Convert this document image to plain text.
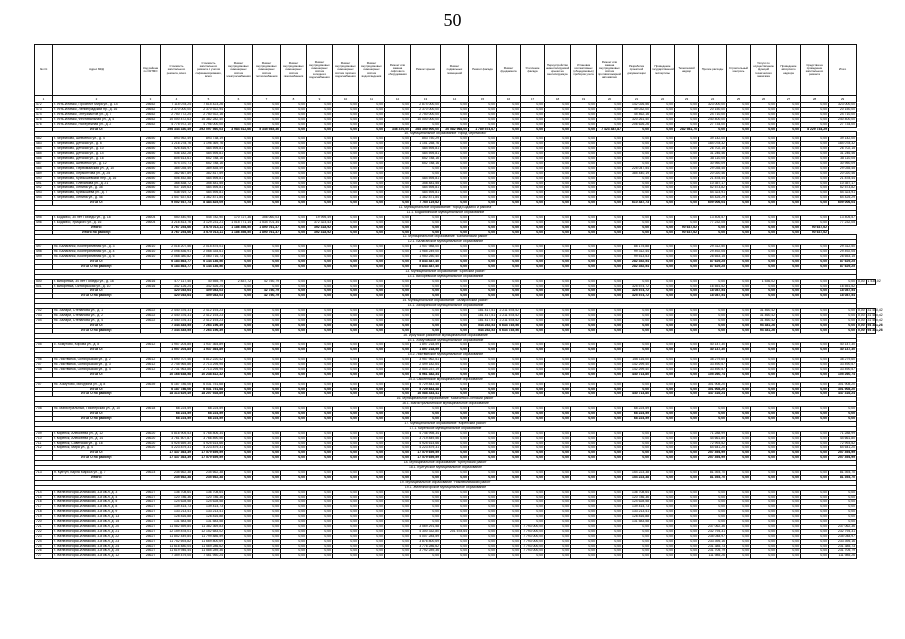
50
№ п/п	Адрес МКД	Код района по ОКТМО	Стоимость капитального ремонта, всего	Стоимость капитального ремонта с учетом софинансирования, всего	Ремонт внутридомовых инженерных систем электроснабжения	Ремонт внутридомовых инженерных систем теплоснабжения	Ремонт внутридомовых инженерных систем газоснабжения	Ремонт внутридомовых инженерных систем холодного водоснабжения	Ремонт внутридомовых инженерных систем горячего водоснабжения	Ремонт внутридомовых инженерных систем водоотведения	Ремонт или замена лифтового оборудования	Ремонт крыши	Ремонт подвальных помещений	Ремонт фасада	Ремонт фундамента	Утепление фасада	Переустройство невентилируемой крыши на вентилируемую	Установка коллективных (общедомовых) приборов учета	Ремонт или замена внутридомовых систем противопожарной автоматики	Разработка проектной документации	Проведение государственной экспертизы	Технический надзор	Прочие расходы	Строительный контроль	Услуги по осуществлению функций технического заказчика	Проведение авторского надзора	Средства на проведение капитального ремонта	Итого		
1	2	3	4	5	6	7	8	9	10	11	12	13	14	15	16	17	18	19	20	21	22	23	24	25	26	27	28	29		
472	г. Усть-Илимск, Проспект Мира ул., д. 14	25652	7 115 078,24	7 615 423,26	0,00	0,00	0,00	0,00	0,00	0,00	0,00	2 874 000,00	0,00	0,00	0,00	0,00	0,00	0,00	0,00	142 026,56	0,00	0,00	323 000,00	0,00	0,00	0,00	0,00	323 000,00		
473	г. Усть-Илимск, Ленинградский пр., д. 16	25652	2 370 000,00	2 370 922,94	0,00	0,00	0,00	0,00	0,00	0,00	0,00	2 370 000,00	0,00	0,00	0,00	0,00	0,00	0,00	0,00	49 032,00	0,00	0,00	20 150,00	0,00	0,00	0,00	0,00	20 150,00		
474	г. Усть-Илимск, Энтузиастов ул., д. 7	25652	2 750 772,24	2 750 922,16	0,00	0,00	0,00	0,00	0,00	0,00	0,00	2 750 000,00	0,00	0,00	0,00	0,00	0,00	0,00	0,00	45 462,16	0,00	0,00	24 710,00	0,00	0,00	0,00	0,00	24 710,00		
475	г. Усть-Илимск, Фестивальная ул., д. 4	25652	10 000 472,63	10 382 282,40	0,00	0,00	0,00	0,00	0,00	0,00	0,00	10 000 000,00	0,00	0,00	0,00	0,00	0,00	0,00	0,00	320 261,40	0,00	0,00	240 400,00	0,00	0,00	0,00	0,00	240 400,00		
476	г. Усть-Илимск, Набережная ул., д. 2	25652	4 775 972,10	4 796 000,00	0,00	0,00	0,00	0,00	0,00	0,00	0,00	0,00	0,00	0,00	0,00	0,00	0,00	0,00	0,00	206 626,26	0,00	0,00	27 734,00	0,00	0,00	0,00	0,00	27 734,00		
	ИТОГО:		296 344 330,49	292 097 560,03	3 984 512,66	5 345 945,36	0,00	0,00	0,00	0,00	346 470,00	268 350 900,00	20 582 968,00	1 789 574,67	0,00	0,00	0,00	0,00	7 423 487,87	0,00	0,00	282 981,70	0,00	0,00	0,00	0,00	8 229 734,29			
10. Муниципальное образование "город Черемхово"																														
482	г. Черемхово, Шевченко ул., д. 4	25650	893 952,49	893 738,19	0,00	0,00	0,00	0,00	0,00	0,00	0,00	853 750,29	0,00	0,00	0,00	0,00	0,00	0,00	0,00	0,00	0,00	0,00	39 142,00	0,00	0,00	0,00	0,00	39 142,00		
483	г. Черемхово, Детская ул., д. 6	25650	1 216 278,76	1 196 369,76	0,00	0,00	0,00	0,00	0,00	0,00	0,00	1 151 258,76	0,00	0,00	0,00	0,00	0,00	0,00	0,00	0,00	0,00	0,00	184 078,32	0,00	0,00	0,00	0,00	184 078,32		
484	г. Черемхово, Детская ул., д. 10	25650	526 816,97	484 595,81	0,00	0,00	0,00	0,00	0,00	0,00	0,00	484 595,81	0,00	0,00	0,00	0,00	0,00	0,00	0,00	0,00	0,00	0,00	26 702,15	0,00	0,00	0,00	0,00	26 702,15		
485	г. Черемхово, Детская ул., д. 14	25650	536 182,28	484 595,81	0,00	0,00	0,00	0,00	0,00	0,00	0,00	484 595,81	0,00	0,00	0,00	0,00	0,00	0,00	0,00	0,00	0,00	0,00	31 246,46	0,00	0,00	0,00	0,00	31 246,46		
486	г. Черемхово, Детская ул., д. 16	25650	805 613,61	652 788,16	0,00	0,00	0,00	0,00	0,00	0,00	0,00	652 788,16	0,00	0,00	0,00	0,00	0,00	0,00	0,00	0,00	0,00	0,00	38 110,05	0,00	0,00	0,00	0,00	38 110,05		
487	г. Черемхово, Шевченко ул., д. 12	25650	574 370,71	652 788,16	0,00	0,00	0,00	0,00	0,00	0,00	0,00	652 788,16	0,00	0,00	0,00	0,00	0,00	0,00	0,00	0,00	0,00	0,00	30 950,09	0,00	0,00	0,00	0,00	30 950,09		
488	г. Черемхово, Первомайская ул., д. 10	25650	385 035,49	389 835,49	0,00	0,00	0,00	0,00	0,00	0,00	0,00	0,00	0,00	0,00	0,00	0,00	0,00	0,00	0,00	225 047,54	0,00	0,00	29 035,45	0,00	0,00	0,00	0,00	29 035,45		
489	г. Черемхово, Лермонтова ул., д. 25	25650	382 667,89	382 817,59	0,00	0,00	0,00	0,00	0,00	0,00	0,00	0,00	0,00	0,00	0,00	0,00	0,00	0,00	0,00	385 440,19	0,00	0,00	20 020,46	0,00	0,00	0,00	0,00	20 020,46		
490	г. Черемхово, Куйбышевский пер., д. 16	25650	506 452,88	484 595,81	0,00	0,00	0,00	0,00	0,00	0,00	0,00	484 595,81	0,00	0,00	0,00	0,00	0,00	0,00	0,00	0,00	0,00	0,00	21 878,44	0,00	0,00	0,00	0,00	21 878,44		
491	г. Черемхово, Плеханова ул., д. 21	25650	368 838,72	358 481,55	0,00	0,00	0,00	0,00	0,00	0,00	0,00	358 481,55	0,00	0,00	0,00	0,00	0,00	0,00	0,00	0,00	0,00	0,00	10 357,17	0,00	0,00	0,00	0,00	10 357,17		
492	г. Черемхово, Ленина ул., д. 38	25650	537 169,63	484 595,81	0,00	0,00	0,00	0,00	0,00	0,00	0,00	484 595,81	0,00	0,00	0,00	0,00	0,00	0,00	0,00	0,00	0,00	0,00	52 573,82	0,00	0,00	0,00	0,00	52 573,82		
493	г. Черемхово, Куйбышева ул., д. 7	25650	538 919,72	484 595,81	0,00	0,00	0,00	0,00	0,00	0,00	0,00	484 595,81	0,00	0,00	0,00	0,00	0,00	0,00	0,00	0,00	0,00	0,00	54 323,91	0,00	0,00	0,00	0,00	54 323,91		
494	г. Черемхово, Ленина ул., д. 46	25650	1 547 637,63	1 362 871,84	0,00	0,00	0,00	0,00	0,00	0,00	0,00	1 362 871,84	0,00	0,00	0,00	0,00	0,00	0,00	0,00	0,00	0,00	0,00	64 425,29	0,00	0,00	0,00	0,00	64 425,29		
	ИТОГО:		9 002 937,73	8 484 825,09	0,00	0,00	0,00	0,00	0,00	0,00	0,00	7 760 119,62	0,00	0,00	0,00	0,00	0,00	0,00	0,00	610 487,73	0,00	0,00	609 006,04	0,00	0,00	0,00	0,00	609 006,04		
11. Муниципальное образование "город Бодайбо и района"																														
11.1. Бодайбинское муниципальное образование																														
495	г. Бодайбо, 30 лет Победы ул., д. 18	25604	550 440,90	545 782,90	170 727,36	356 060,03	0,00	19 995,49	0,00	0,00	0,00	0,00	0,00	0,00	0,00	0,00	0,00	0,00	0,00	0,00	0,00	0,00	13 405,57	0,00	0,00	0,00	0,00	13 405,57		
496	г. Бодайбо, Урицкого ул., д. 16	25604	3 216 813,76	3 129 231,21	1 015 771,14	1 534 701,34	0,00	372 323,43	0,00	0,00	0,00	0,00	0,00	0,00	0,00	0,00	0,00	0,00	0,00	0,00	0,00	0,00	77 232,05	0,00	0,00	0,00	0,00	77 232,05		
	Итого:		3 767 254,66	3 675 014,11	1 186 498,50	1 890 761,37	0,00	392 318,92	0,00	0,00	0,00	0,00	0,00	0,00	0,00	0,00	0,00	0,00	0,00	0,00	0,00	90 637,62	0,00	0,00	0,00	0,00	90 637,62			
	Итого по району:		3 767 254,66	3 675 014,11	1 186 498,50	1 890 761,37	0,00	392 318,92	0,00	0,00	0,00	0,00	0,00	0,00	0,00	0,00	0,00	0,00	0,00	0,00	0,00	90 637,62	0,00	0,00	0,00	0,00	90 637,62			
12. Муниципальное образование "Балаганский район"																														
12.1. Балаганское муниципальное образование																														
497	пс. Балаганск, Кооперативная ул., д. 3	25610	2 016 207,56	2 015 875,01	0,00	0,00	0,00	0,00	0,00	0,00	0,00	1 907 988,00	0,00	0,00	0,00	0,00	0,00	0,00	0,00	88 175,88	0,00	0,00	29 312,50	0,00	0,00	0,00	0,00	29 312,50		
498	пс. Балаганск, Кооперативная ул., д. 4	25610	2 098 836,91	2 068 334,61	0,00	0,00	0,00	0,00	0,00	0,00	0,00	1 985 249,00	0,00	0,00	0,00	0,00	0,00	0,00	0,00	99 312,44	0,00	0,00	29 492,05	0,00	0,00	0,00	0,00	29 492,05		
499	пс. Балаганск, Кооперативная ул., д. 6	25610	2 068 380,82	2 060 716,73	0,00	0,00	0,00	0,00	0,00	0,00	0,00	1 950 250,40	0,00	0,00	0,00	0,00	0,00	0,00	0,00	99 513,53	0,00	0,00	28 653,15	0,00	0,00	0,00	0,00	28 653,15		
	ИТОГО:		6 183 863,77	6 144 146,56	0,00	0,00	0,00	0,00	0,00	0,00	0,00	5 843 487,40	0,00	0,00	0,00	0,00	0,00	0,00	0,00	282 352,54	0,00	0,00	87 629,25	0,00	0,00	0,00	0,00	87 629,25		
	ИТОГО по району:		6 183 863,77	6 144 146,56	0,00	0,00	0,00	0,00	0,00	0,00	0,00	5 843 487,40	0,00	0,00	0,00	0,00	0,00	0,00	0,00	282 352,54	0,00	0,00	87 629,25	0,00	0,00	0,00	0,00	87 629,25		
13. Муниципальное образование "Братский район"																														
13.1. Вихоревское муниципальное образование																														
500	г. Вихоревка, 30 лет Победы ул., д. 16	25616	477 117,40	40 555,79	2 837,72	42 750,79	0,00	0,00	0,00	0,00	0,00	0,00	0,00	0,00	0,00	0,00	0,00	0,00	0,00	0,00	0,00	0,00	0,00	0,00	1 536,02	0,00	0,00	0,00	0,00	1 536,02
501	г. Вихоревка, Октябрьская ул., д. 10	25616	342 126,24	342 526,24	0,00	0,00	0,00	0,00	0,00	0,00	0,00	0,00	0,00	0,00	0,00	0,00	0,00	0,00	0,00	325 574,72	0,00	0,00	16 551,52	0,00	0,00	0,00	0,00	16 551,52		
	ИТОГО:		420 045,64	409 083,03	0,00	42 750,79	0,00	0,00	0,00	0,00	0,00	0,00	0,00	0,00	0,00	0,00	0,00	0,00	0,00	325 574,72	0,00	0,00	18 087,54	0,00	0,00	0,00	0,00	18 087,54		
	ИТОГО по району:		420 045,64	409 083,03	0,00	42 750,79	0,00	0,00	0,00	0,00	0,00	0,00	0,00	0,00	0,00	0,00	0,00	0,00	0,00	325 574,72	0,00	0,00	18 087,54	0,00	0,00	0,00	0,00	18 087,54		
14. Муниципальное образование "Заларинский район"																														
14.1. Заларинское муниципальное образование																														
702	пс. Залари, Степанова ул., д. 1	25622	2 440 376,31	2 412 193,23	0,00	0,00	0,00	0,00	0,00	0,00	0,00	0,00	0,00	181 417,51	2 211 578,52	0,00	0,00	0,00	0,00	0,00	0,00	0,00	0,00	0,00	31 460,42	0,00	0,00	0,00	0,00	31 460,42
703	пс. Залари, Степанова ул., д. 2	25622	2 440 376,31	2 412 193,23	0,00	0,00	0,00	0,00	0,00	0,00	0,00	0,00	0,00	181 417,51	2 211 578,52	0,00	0,00	0,00	0,00	0,00	0,00	0,00	0,00	0,00	31 460,42	0,00	0,00	0,00	0,00	31 460,42
704	пс. Залари, Степанова ул., д. 4	25622	2 440 376,31	2 412 193,23	0,00	0,00	0,00	0,00	0,00	0,00	0,00	0,00	0,00	181 417,51	2 211 578,52	0,00	0,00	0,00	0,00	0,00	0,00	0,00	0,00	0,00	31 460,42	0,00	0,00	0,00	0,00	31 460,42
	ИТОГО:		7 344 445,55	7 263 196,39	0,00	0,00	0,00	0,00	0,00	0,00	0,00	0,00	0,00	544 252,53	6 634 735,56	0,00	0,00	0,00	0,00	0,00	0,00	0,00	0,00	0,00	94 381,26	0,00	0,00	0,00	0,00	94 381,26
	ИТОГО по району:		7 344 445,55	7 263 196,39	0,00	0,00	0,00	0,00	0,00	0,00	0,00	0,00	0,00	544 252,53	6 634 735,56	0,00	0,00	0,00	0,00	0,00	0,00	0,00	0,00	0,00	94 381,26	0,00	0,00	0,00	0,00	94 381,26
15. Иркутское районное муниципальное образование																														
15.1. Хомутовское муниципальное образование																														
705	с. Хомутово, Кирова ул., д. 8	25612	1 957 204,85	1 937 364,89	0,00	0,00	0,00	0,00	0,00	0,00	0,00	1 897 218,59	0,00	0,00	0,00	0,00	0,00	0,00	0,00	0,00	0,00	0,00	40 147,30	0,00	0,00	0,00	0,00	40 147,30		
	ИТОГО:		1 957 204,85	1 937 364,89	0,00	0,00	0,00	0,00	0,00	0,00	0,00	1 897 218,59	0,00	0,00	0,00	0,00	0,00	0,00	0,00	0,00	0,00	0,00	40 147,30	0,00	0,00	0,00	0,00	40 147,30		
15.2. Листвянское муниципальное образование																														
706	пс. Листвянка, Октябрьская ул., д. 2	25612	4 690 707,46	4 812 220,42	0,00	0,00	0,00	0,00	0,00	0,00	0,00	3 957 962,51	0,00	0,00	0,00	0,00	0,00	0,00	0,00	156 116,00	0,00	0,00	38 279,60	0,00	0,00	0,00	0,00	38 279,60		
707	пс. Листвянка, Октябрьская ул., д. 3	25612	2 745 965,86	2 713 295,95	0,00	0,00	0,00	0,00	0,00	0,00	0,00	2 499 182,64	0,00	0,00	0,00	0,00	0,00	0,00	0,00	142 299,40	0,00	0,00	33 490,57	0,00	0,00	0,00	0,00	33 490,57		
708	пс. Листвянка, Октябрьская ул., д. 4	25612	2 731 963,86	2 713 295,95	0,00	0,00	0,00	0,00	0,00	0,00	0,00	2 504 237,19	0,00	0,00	0,00	0,00	0,00	0,00	0,00	142 299,40	0,00	0,00	33 490,57	0,00	0,00	0,00	0,00	33 490,57		
	ИТОГО:		10 168 638,58	10 238 812,32	0,00	0,00	0,00	0,00	0,00	0,00	0,00	8 961 382,34	0,00	0,00	0,00	0,00	0,00	0,00	0,00	440 714,80	0,00	0,00	105 260,74	0,00	0,00	0,00	0,00	105 260,74		
15.3. Смоленское муниципальное образование																														
707	пс. Хомутово, Мичурина ул., д. 8	25639	6 187 786,06	6 031 751,68	0,00	0,00	0,00	0,00	0,00	0,00	0,00	5 729 843,48	0,00	0,00	0,00	0,00	0,00	0,00	0,00	0,00	0,00	0,00	301 908,20	0,00	0,00	0,00	0,00	301 908,20		
	ИТОГО:		6 187 786,06	6 031 751,68	0,00	0,00	0,00	0,00	0,00	0,00	0,00	5 729 843,48	0,00	0,00	0,00	0,00	0,00	0,00	0,00	0,00	0,00	0,00	301 908,20	0,00	0,00	0,00	0,00	301 908,20		
	ИТОГО по району:		18 313 629,49	18 207 928,89	0,00	0,00	0,00	0,00	0,00	0,00	0,00	16 588 444,41	0,00	0,00	0,00	0,00	0,00	0,00	0,00	440 714,80	0,00	0,00	447 316,24	0,00	0,00	0,00	0,00	447 316,24		
16. Муниципальное образование "Казачинско-Ленский район"																														
16.1. Магистральнинское муниципальное образование																														
708	пс. Магистральный, Пионерская ул., д. 10	25618	68 224,59	68 224,59	0,00	0,00	0,00	0,00	0,00	0,00	0,00	0,00	0,00	0,00	0,00	0,00	0,00	0,00	0,00	68 224,59	0,00	0,00	0,00	0,00	0,00	0,00	0,00	0,00		
	ИТОГО:		68 224,59	68 224,59	0,00	0,00	0,00	0,00	0,00	0,00	0,00	0,00	0,00	0,00	0,00	0,00	0,00	0,00	0,00	68 224,59	0,00	0,00	0,00	0,00	0,00	0,00	0,00	0,00		
	ИТОГО по району:		68 224,59	68 224,59	0,00	0,00	0,00	0,00	0,00	0,00	0,00	0,00	0,00	0,00	0,00	0,00	0,00	0,00	0,00	68 224,59	0,00	0,00	0,00	0,00	0,00	0,00	0,00	0,00		
17. Муниципальное образование "Киренский район"																														
17.1. Киренское муниципальное образование																														
709	г. Киренск, Алексеева ул., д. 12	25620	4 816 905,53	4 768 806,34	0,00	0,00	0,00	0,00	0,00	0,00	0,00	4 746 998,34	0,00	0,00	0,00	0,00	0,00	0,00	0,00	0,00	0,00	0,00	71 288,99	0,00	0,00	0,00	0,00	71 288,99		
710	г. Киренск, Алексеева ул., д. 14	25620	3 761 507,87	3 766 890,56	0,00	0,00	0,00	0,00	0,00	0,00	0,00	3 719 849,56	0,00	0,00	0,00	0,00	0,00	0,00	0,00	0,00	0,00	0,00	44 661,80	0,00	0,00	0,00	0,00	44 661,80		
711	г. Киренск, Советская ул., д. 16	25620	4 925 659,30	4 925 614,66	0,00	0,00	0,00	0,00	0,00	0,00	0,00	4 925 614,66	0,00	0,00	0,00	0,00	0,00	0,00	0,00	0,00	0,00	0,00	72 993,52	0,00	0,00	0,00	0,00	72 993,52		
712	г. Киренск, Мира ул., д. 4	25620	4 223 879,31	4 223 879,31	0,00	0,00	0,00	0,00	0,00	0,00	0,00	4 223 879,31	0,00	0,00	0,00	0,00	0,00	0,00	0,00	0,00	0,00	0,00	64 641,20	0,00	0,00	0,00	0,00	64 641,20		
	ИТОГО:		17 437 363,39	17 579 659,59	0,00	0,00	0,00	0,00	0,00	0,00	0,00	17 579 659,59	0,00	0,00	0,00	0,00	0,00	0,00	0,00	0,00	0,00	0,00	257 494,99	0,00	0,00	0,00	0,00	257 494,99		
	ИТОГО по району:		17 437 363,39	17 579 659,59	0,00	0,00	0,00	0,00	0,00	0,00	0,00	17 579 659,59	0,00	0,00	0,00	0,00	0,00	0,00	0,00	0,00	0,00	0,00	257 494,99	0,00	0,00	0,00	0,00	257 494,99		
18. Муниципальное образование "Куйтунский район"																														
18.1. Куйтунское муниципальное образование																														
713	п. Куйтун, Карла Маркса ул., д. 7	25623	235 662,38	235 662,38	0,00	0,00	0,00	0,00	0,00	0,00	0,00	0,00	0,00	0,00	0,00	0,00	0,00	0,00	0,00	154 223,38	0,00	0,00	81 393,70	0,00	0,00	0,00	0,00	81 393,70		
	Итого:		235 662,38	235 662,38	0,00	0,00	0,00	0,00	0,00	0,00	0,00	0,00	0,00	0,00	0,00	0,00	0,00	0,00	0,00	154 223,38	0,00	0,00	81 393,70	0,00	0,00	0,00	0,00	81 393,70		
19. Муниципальное образование "Нижнеилимский район"																														
19.1. Железногорское муниципальное образование																														
714	г. Железногорск-Илимский, 3-й кв-л, д. 3	25627	136 708,64	136 708,64	0,00	0,00	0,00	0,00	0,00	0,00	0,00	0,00	0,00	0,00	0,00	0,00	0,00	0,00	0,00	136 708,64	0,00	0,00	0,00	0,00	0,00	0,00	0,00	0,00		
715	г. Железногорск-Илимский, 3-й кв-л, д. 4	25627	120 786,36	120 786,36	0,00	0,00	0,00	0,00	0,00	0,00	0,00	0,00	0,00	0,00	0,00	0,00	0,00	0,00	0,00	120 786,36	0,00	0,00	0,00	0,00	0,00	0,00	0,00	0,00		
716	г. Железногорск-Илимский, 3-й кв-л, д. 5	25627	124 628,58	124 628,58	0,00	0,00	0,00	0,00	0,00	0,00	0,00	0,00	0,00	0,00	0,00	0,00	0,00	0,00	0,00	124 628,58	0,00	0,00	0,00	0,00	0,00	0,00	0,00	0,00		
717	г. Железногорск-Илимский, 3-й кв-л, д. 8	25627	139 414,73	139 414,73	0,00	0,00	0,00	0,00	0,00	0,00	0,00	0,00	0,00	0,00	0,00	0,00	0,00	0,00	0,00	139 414,73	0,00	0,00	0,00	0,00	0,00	0,00	0,00	0,00		
718	г. Железногорск-Илимский, 3-й кв-л, д. 9	25627	133 213,41	133 213,41	0,00	0,00	0,00	0,00	0,00	0,00	0,00	0,00	0,00	0,00	0,00	0,00	0,00	0,00	0,00	133 213,41	0,00	0,00	0,00	0,00	0,00	0,00	0,00	0,00		
719	г. Железногорск-Илимский, 3-й кв-л, д. 13	25627	128 816,88	128 816,88	0,00	0,00	0,00	0,00	0,00	0,00	0,00	0,00	0,00	0,00	0,00	0,00	0,00	0,00	0,00	128 816,88	0,00	0,00	0,00	0,00	0,00	0,00	0,00	0,00		
720	г. Железногорск-Илимский, 3-й кв-л, д. 15	25627	131 583,58	131 583,58	0,00	0,00	0,00	0,00	0,00	0,00	0,00	0,00	0,00	0,00	0,00	0,00	0,00	0,00	0,00	131 583,58	0,00	0,00	0,00	0,00	0,00	0,00	0,00	0,00		
721	г. Железногорск-Илимский, 3-й кв-л, д. 20	25627	11 582 559,84	11 382 369,83	0,00	0,00	0,00	0,00	0,00	0,00	0,00	3 569 291,58	0,00	0,00	0,00	7 793 000,00	0,00	0,00	0,00	0,00	0,00	0,00	237 062,36	0,00	0,00	0,00	0,00	237 062,36		
722	г. Железногорск-Илимский, 3-й кв-л, д. 21	25627	12 159 878,01	12 152 683,02	0,00	0,00	0,00	0,00	0,00	0,00	0,00	4 300 332,80	201 578,64	0,00	0,00	7 793 000,00	0,00	0,00	0,00	0,00	0,00	0,00	232 794,31	0,00	0,00	0,00	0,00	232 794,31		
723	г. Железногорск-Илимский, 3-й кв-л, д. 22	25627	11 852 449,84	11 799 886,59	0,00	0,00	0,00	0,00	0,00	0,00	0,00	4 007 284,59	0,00	0,00	0,00	7 793 000,00	0,00	0,00	0,00	0,00	0,00	0,00	235 048,97	0,00	0,00	0,00	0,00	235 048,97		
724	г. Железногорск-Илимский, 3-й кв-л, д. 23	25627	11 752 693,82	11 669 800,69	0,00	0,00	0,00	0,00	0,00	0,00	0,00	3 876 800,69	0,00	0,00	0,00	7 793 000,00	0,00	0,00	0,00	0,00	0,00	0,00	233 395,16	0,00	0,00	0,00	0,00	233 395,16		
725	г. Железногорск-Илимский, 3-й кв-л, д. 24	25627	11 616 480,04	11 569 286,62	0,00	0,00	0,00	0,00	0,00	0,00	0,00	3 776 286,62	0,00	0,00	0,00	7 793 000,00	0,00	0,00	0,00	0,00	0,00	0,00	231 385,73	0,00	0,00	0,00	0,00	231 385,73		
726	г. Железногорск-Илимский, 3-й кв-л, д. 25	25627	11 619 946,44	11 585 289,36	0,00	0,00	0,00	0,00	0,00	0,00	0,00	3 792 289,36	0,00	0,00	0,00	7 793 000,00	0,00	0,00	0,00	0,00	0,00	0,00	231 705,79	0,00	0,00	0,00	0,00	231 705,79		
727	г. Железногорск-Илимский, 3-й кв-л, д. 12	25627	7 359 479,00	7 461 950,24	0,00	0,00	0,00	0,00	0,00	0,00	0,00	0,00	0,00	0,00	0,00	0,00	0,00	0,00	0,00	0,00	0,00	0,00	111 985,26	0,00	0,00	0,00	0,00	111 985,26		
